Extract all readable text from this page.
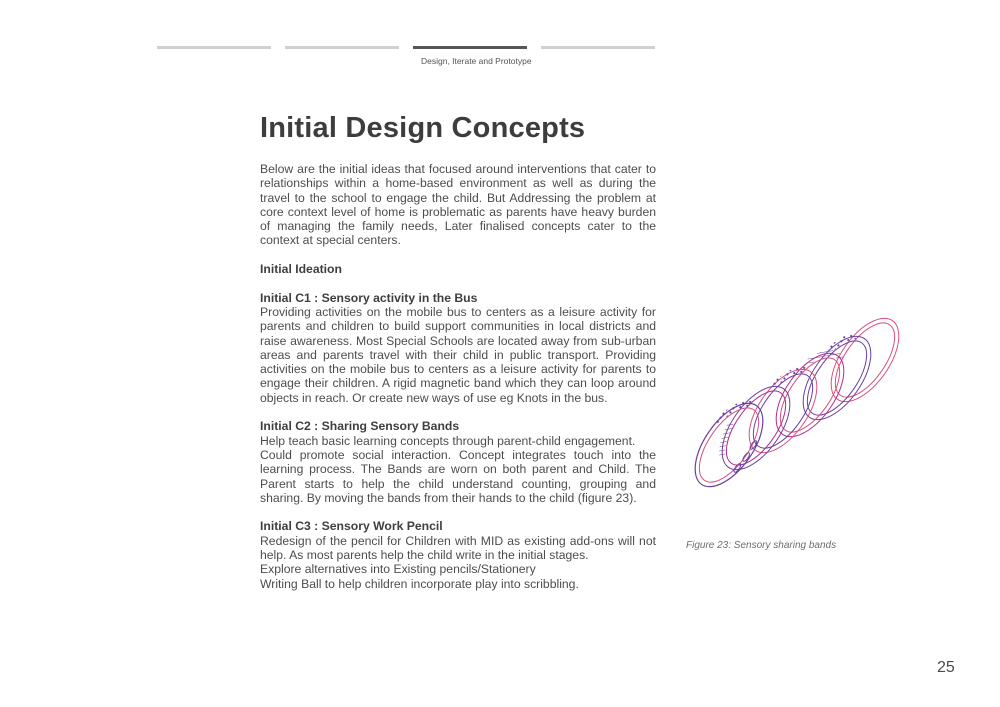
Design, Iterate and Prototype
Initial Design Concepts

Below are the initial ideas that focused around interventions that cater to relationships within a home-based environment as well as during the travel to the school to engage the child. But Addressing the problem at core context level of home is problematic as parents have heavy burden of managing the family needs, Later finalised concepts cater to the context at special centers.

Initial Ideation

Initial C1 : Sensory activity in the Bus

Providing activities on the mobile bus to centers as a leisure activity for parents and children to build support communities in local districts and raise awareness. Most Special Schools are located away from sub-urban areas and parents travel with their child in public transport. Providing activities on the mobile bus to centers as a leisure activity for parents to engage their children. A rigid magnetic band which they can loop around objects in reach. Or create new ways of use eg Knots in the bus.

Initial C2 : Sharing Sensory Bands

Help teach basic learning concepts through parent-child engagement.

Could promote social interaction. Concept integrates touch into the learning process. The Bands are worn on both parent and Child. The Parent starts to help the child understand counting, grouping and sharing. By moving the bands from their hands to the child (figure 23).

Initial C3 : Sensory Work Pencil

Redesign of the pencil for Children with MID as existing add-ons will not help. As most parents help the child write in the initial stages.

Explore alternatives into Existing pencils/Stationery

Writing Ball to help children incorporate play into scribbling.

Figure 23: Sensory sharing bands
25
